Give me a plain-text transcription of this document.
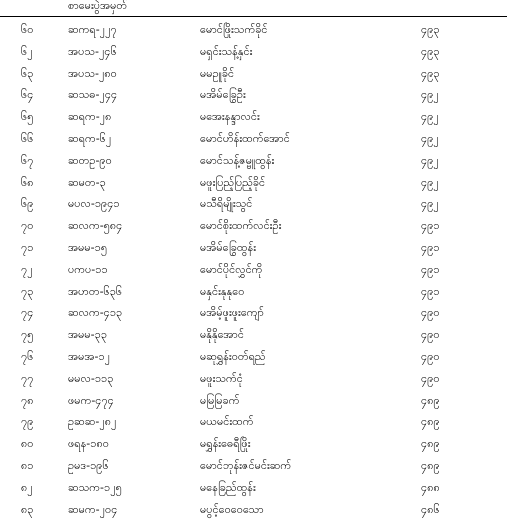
စာမေးပွဲအမှတ်
၆၀	ဆကရ-၂၂၇	မောင်ဖြိုးသက်ခိုင်	၄၉၃
၆၂	အပသ-၂၄၆	မရှင်းသန့်နှင်း	၄၉၃
၆၃	အပသ-၂၈၀	မမဥူခိုင်	၄၉၃
၆၄	ဆသဓ-၂၄၄	မအိမ်ခြွေဦး	၄၉၂
၆၅	ဆရက-၂၈	မအေးနန္ဒာလင်း	၄၉၂
၆၆	ဆရက-၆၂	မောင်ဟိန်းထက်အောင်	၄၉၂
၆၇	ဆတဥ-၉၀	မောင်သန့်ဇမ္ဗူထွန်း	၄၉၂
၆၈	ဆမတ-၃	မဖူးပြည့်ပြည့်ခိုင်	၄၉၂
၆၉	မပလ-၁၉၄၁	မသီရိမျိုးသွင်	၄၉၂
၇၀	ဆလက-၅၈၄	မောင်စိုးထက်လင်းဦး	၄၉၁
၇၁	အမမ-၁၅	မအိမ်ခြွေထွန်း	၄၉၁
၇၂	ပကပ-၁၁	မောင်ပိုင်လွှင်ကို	၄၉၁
၇၃	အဟတ-၆၃၆	မနှင်းနုနုဝေ	၄၉၁
၇၄	ဆလက-၄၁၃	မအိမ့်ဖူးဖူးကျော်	၄၉၀
၇၅	အမမ-၃၃	မနိုနိုအောင်	၄၉၀
၇၆	အမအ-၁၂	မဆုရွှန်းဝတ်ရည်	၄၉၀
၇၇	မမလ-၁၁၃	မဖူးသက်ငုံ	၄၉၀
၇၈	ဖမက-၄၇၄	မမြမြခက်	၄၈၉
၇၉	ဥဆဆ-၂၈၂	မယမင်းထက်	၄၈၉
၈၀	ဖရန-၁၈၀	မရွှန်းဓေရီဖြိုး	၄၈၉
၈၁	ဥမဒ-၁၉၆	မောင်ဘုန်းဇင်မင်းဆက်	၄၈၉
၈၂	ဆသက-၁၂၅	မနေခြည်ထွန်း	၄၈၈
၈၃	ဆမက-၂၀၄	မပွင့်ဝေဝေသော	၄၈၆
